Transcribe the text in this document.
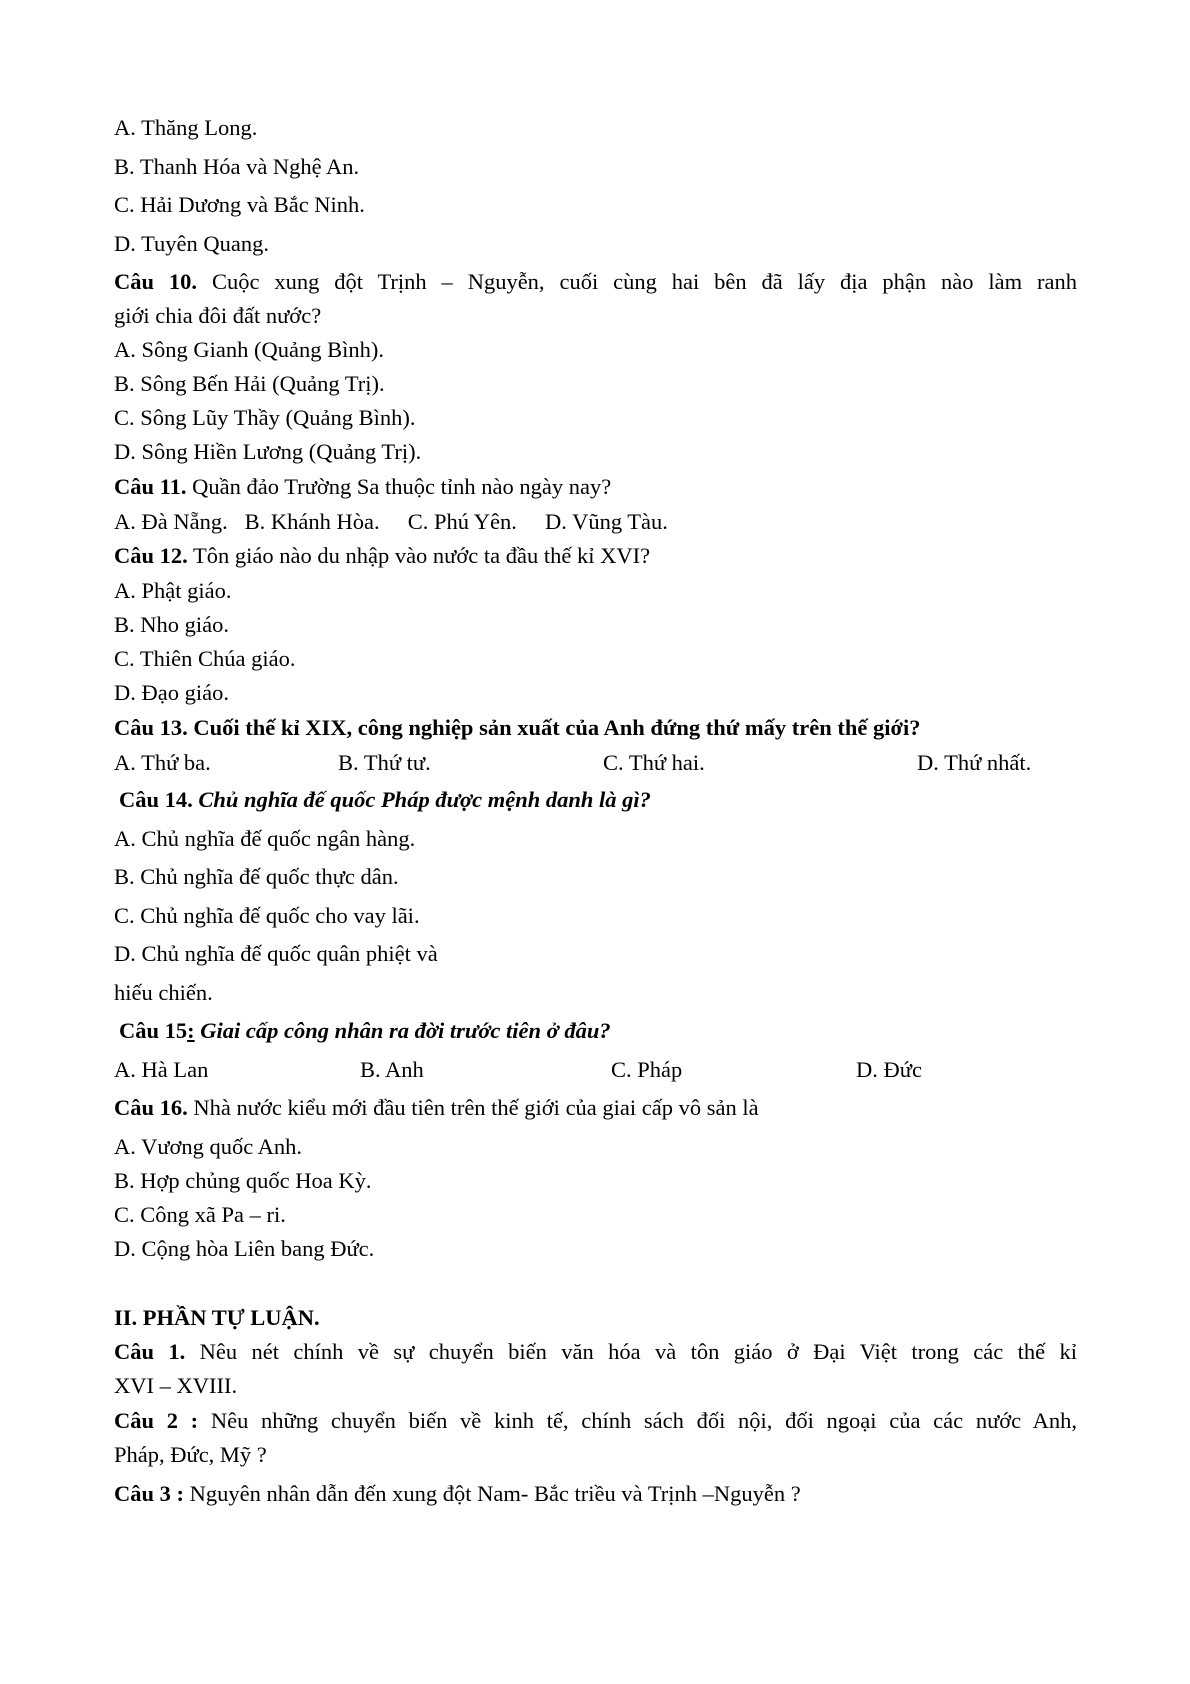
A. Thăng Long.
B. Thanh Hóa và Nghệ An.
C. Hải Dương và Bắc Ninh.
D. Tuyên Quang.
Câu 10. Cuộc xung đột Trịnh – Nguyễn, cuối cùng hai bên đã lấy địa phận nào làm ranh
giới chia đôi đất nước?
A. Sông Gianh (Quảng Bình).
B. Sông Bến Hải (Quảng Trị).
C. Sông Lũy Thầy (Quảng Bình).
D. Sông Hiền Lương (Quảng Trị).
Câu 11. Quần đảo Trường Sa thuộc tỉnh nào ngày nay?
A. Đà Nẵng.   B. Khánh Hòa.     C. Phú Yên.     D. Vũng Tàu.
Câu 12. Tôn giáo nào du nhập vào nước ta đầu thế kỉ XVI?
A. Phật giáo.
B. Nho giáo.
C. Thiên Chúa giáo.
D. Đạo giáo.
Câu 13. Cuối thế kỉ XIX, công nghiệp sản xuất của Anh đứng thứ mấy trên thế giới?
A. Thứ ba.	B. Thứ tư.	C. Thứ hai.	D. Thứ nhất.
Câu 14. Chủ nghĩa đế quốc Pháp được mệnh danh là gì?
A. Chủ nghĩa đế quốc ngân hàng.
B. Chủ nghĩa đế quốc thực dân.
C. Chủ nghĩa đế quốc cho vay lãi.
D. Chủ nghĩa đế quốc quân phiệt và
hiếu chiến.
Câu 15: Giai cấp công nhân ra đời trước tiên ở đâu?
A. Hà Lan	B. Anh	C. Pháp	D. Đức
Câu 16. Nhà nước kiểu mới đầu tiên trên thế giới của giai cấp vô sản là
A. Vương quốc Anh.
B. Hợp chủng quốc Hoa Kỳ.
C. Công xã Pa – ri.
D. Cộng hòa Liên bang Đức.
II. PHẦN TỰ LUẬN.
Câu 1. Nêu nét chính về sự chuyển biến văn hóa và tôn giáo ở Đại Việt trong các thế kỉ
XVI – XVIII.
Câu 2 : Nêu những chuyển biến về kinh tế, chính sách đối nội, đối ngoại của các nước Anh,
Pháp, Đức, Mỹ ?
Câu 3 : Nguyên nhân dẫn đến xung đột Nam- Bắc triều và Trịnh –Nguyễn ?
